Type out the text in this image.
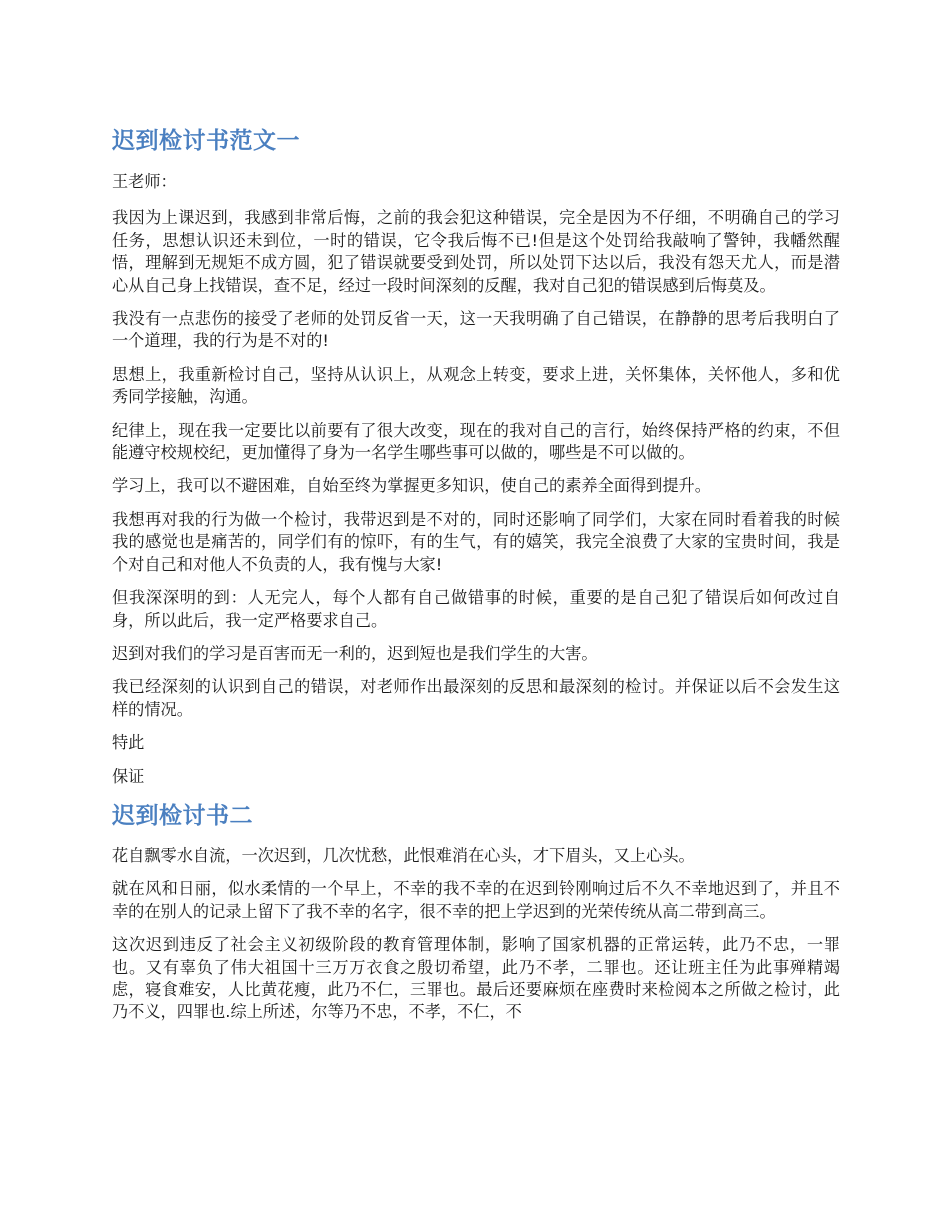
迟到检讨书范文一

王老师：

我因为上课迟到，我感到非常后悔，之前的我会犯这种错误，完全是因为不仔细，不明确自己的学习任务，思想认识还未到位，一时的错误，它令我后悔不已!但是这个处罚给我敲响了警钟，我幡然醒悟，理解到无规矩不成方圆，犯了错误就要受到处罚，所以处罚下达以后，我没有怨天尤人，而是潜心从自己身上找错误，查不足，经过一段时间深刻的反醒，我对自己犯的错误感到后悔莫及。

我没有一点悲伤的接受了老师的处罚反省一天，这一天我明确了自己错误，在静静的思考后我明白了一个道理，我的行为是不对的!

思想上，我重新检讨自己，坚持从认识上，从观念上转变，要求上进，关怀集体，关怀他人，多和优秀同学接触，沟通。

纪律上，现在我一定要比以前要有了很大改变，现在的我对自己的言行，始终保持严格的约束，不但能遵守校规校纪，更加懂得了身为一名学生哪些事可以做的，哪些是不可以做的。

学习上，我可以不避困难，自始至终为掌握更多知识，使自己的素养全面得到提升。

我想再对我的行为做一个检讨，我带迟到是不对的，同时还影响了同学们，大家在同时看着我的时候我的感觉也是痛苦的，同学们有的惊吓，有的生气，有的嬉笑，我完全浪费了大家的宝贵时间，我是个对自己和对他人不负责的人，我有愧与大家!

但我深深明的到：人无完人，每个人都有自己做错事的时候，重要的是自己犯了错误后如何改过自身，所以此后，我一定严格要求自己。

迟到对我们的学习是百害而无一利的，迟到短也是我们学生的大害。

我已经深刻的认识到自己的错误，对老师作出最深刻的反思和最深刻的检讨。并保证以后不会发生这样的情况。

特此

保证

迟到检讨书二

花自飘零水自流，一次迟到，几次忧愁，此恨难消在心头，才下眉头，又上心头。

就在风和日丽，似水柔情的一个早上，不幸的我不幸的在迟到铃刚响过后不久不幸地迟到了，并且不幸的在别人的记录上留下了我不幸的名字，很不幸的把上学迟到的光荣传统从高二带到高三。

这次迟到违反了社会主义初级阶段的教育管理体制，影响了国家机器的正常运转，此乃不忠，一罪也。又有辜负了伟大祖国十三万万衣食之殷切希望，此乃不孝，二罪也。还让班主任为此事殚精竭虑，寝食难安，人比黄花瘦，此乃不仁，三罪也。最后还要麻烦在座费时来检阅本之所做之检讨，此乃不义，四罪也.综上所述，尔等乃不忠，不孝，不仁，不
